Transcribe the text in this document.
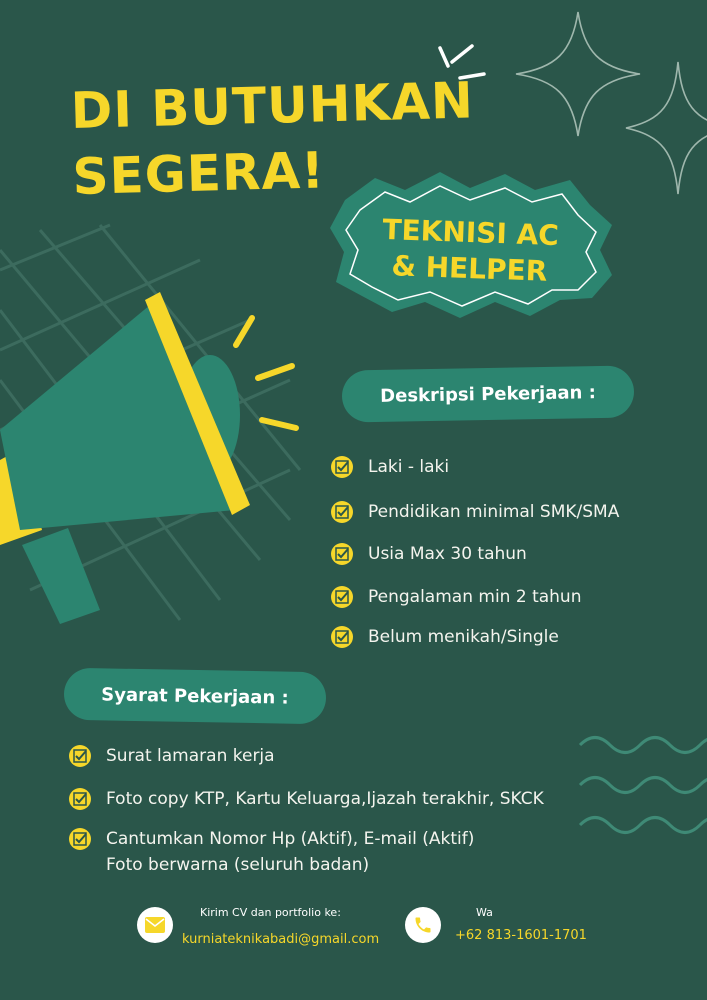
DI BUTUHKAN
SEGERA!
TEKNISI AC
& HELPER
Deskripsi Pekerjaan :
Laki - laki
Pendidikan minimal SMK/SMA
Usia Max 30 tahun
Pengalaman min 2 tahun
Belum menikah/Single
Syarat Pekerjaan :
Surat lamaran kerja
Foto copy KTP, Kartu Keluarga,Ijazah terakhir, SKCK
Cantumkan Nomor Hp (Aktif), E-mail (Aktif)
Foto berwarna (seluruh badan)
Kirim CV dan portfolio ke:
kurniateknikabadi@gmail.com
Wa
+62 813-1601-1701
